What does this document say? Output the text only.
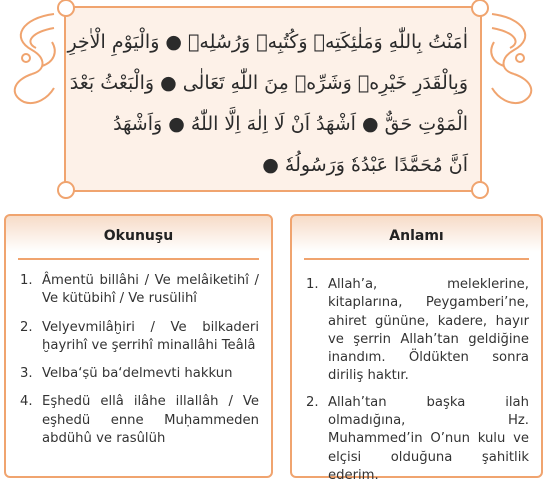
اٰمَنْتُ بِاللّٰهِ وَمَلٰئِكَتِهٖ وَكُتُبِهٖ وَرُسُلِهٖ ● وَالْيَوْمِ الْاٰخِرِ
وَبِالْقَدَرِ خَيْرِهٖ وَشَرِّهٖ مِنَ اللّٰهِ تَعَالٰى ● وَالْبَعْثُ بَعْدَ
الْمَوْتِ حَقٌّ ● اَشْهَدُ اَنْ لَا اِلٰهَ اِلَّا اللّٰهُ ● وَاَشْهَدُ
اَنَّ مُحَمَّدًا عَبْدُهٗ وَرَسُولُهٗ ●
Okunuşu
1. Âmentü billâhi / Ve melâiketihî / Ve kütübihî / Ve rusülihî
2. Velyevmilâḫiri / Ve bilkaderi ḫayrihî ve şerrihî minallâhi Teâlâ
3. Velba‘ṣü ba‘delmevti hakkun
4. Eşhedü ellâ ilâhe illallâh / Ve eşhedü enne Muḥammeden abdühû ve rasûlüh
Anlamı
1. Allah’a, meleklerine, kitaplarına, Peygamberi’ne, ahiret gününe, kadere, hayır ve şerrin Allah’tan geldiğine inandım. Öldükten sonra diriliş haktır.
2. Allah’tan başka ilah olmadığına, Hz. Muhammed’in O’nun kulu ve elçisi olduğuna şahitlik ederim.
